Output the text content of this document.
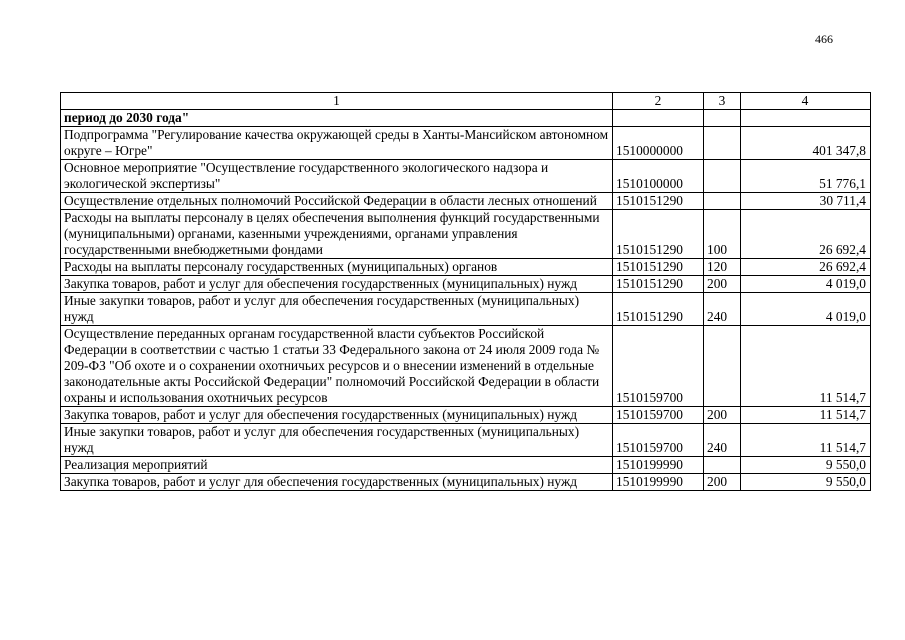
466
1	2	3	4
период до 2030 года"			
Подпрограмма "Регулирование качества окружающей среды в Ханты-Мансийском автономном округе – Югре"	1510000000		401 347,8
Основное мероприятие "Осуществление государственного экологического надзора и экологической экспертизы"	1510100000		51 776,1
Осуществление отдельных полномочий Российской Федерации в области лесных отношений	1510151290		30 711,4
Расходы на выплаты персоналу в целях обеспечения выполнения функций государственными (муниципальными) органами, казенными учреждениями, органами управления государственными внебюджетными фондами	1510151290	100	26 692,4
Расходы на выплаты персоналу государственных (муниципальных) органов	1510151290	120	26 692,4
Закупка товаров, работ и услуг для обеспечения государственных (муниципальных) нужд	1510151290	200	4 019,0
Иные закупки товаров, работ и услуг для обеспечения государственных (муниципальных) нужд	1510151290	240	4 019,0
Осуществление переданных органам государственной власти субъектов Российской Федерации в соответствии с частью 1 статьи 33 Федерального закона от 24 июля 2009 года № 209-ФЗ "Об охоте и о сохранении охотничьих ресурсов и о внесении изменений в отдельные законодательные акты Российской Федерации" полномочий Российской Федерации в области охраны и использования охотничьих ресурсов	1510159700		11 514,7
Закупка товаров, работ и услуг для обеспечения государственных (муниципальных) нужд	1510159700	200	11 514,7
Иные закупки товаров, работ и услуг для обеспечения государственных (муниципальных) нужд	1510159700	240	11 514,7
Реализация мероприятий	1510199990		9 550,0
Закупка товаров, работ и услуг для обеспечения государственных (муниципальных) нужд	1510199990	200	9 550,0
